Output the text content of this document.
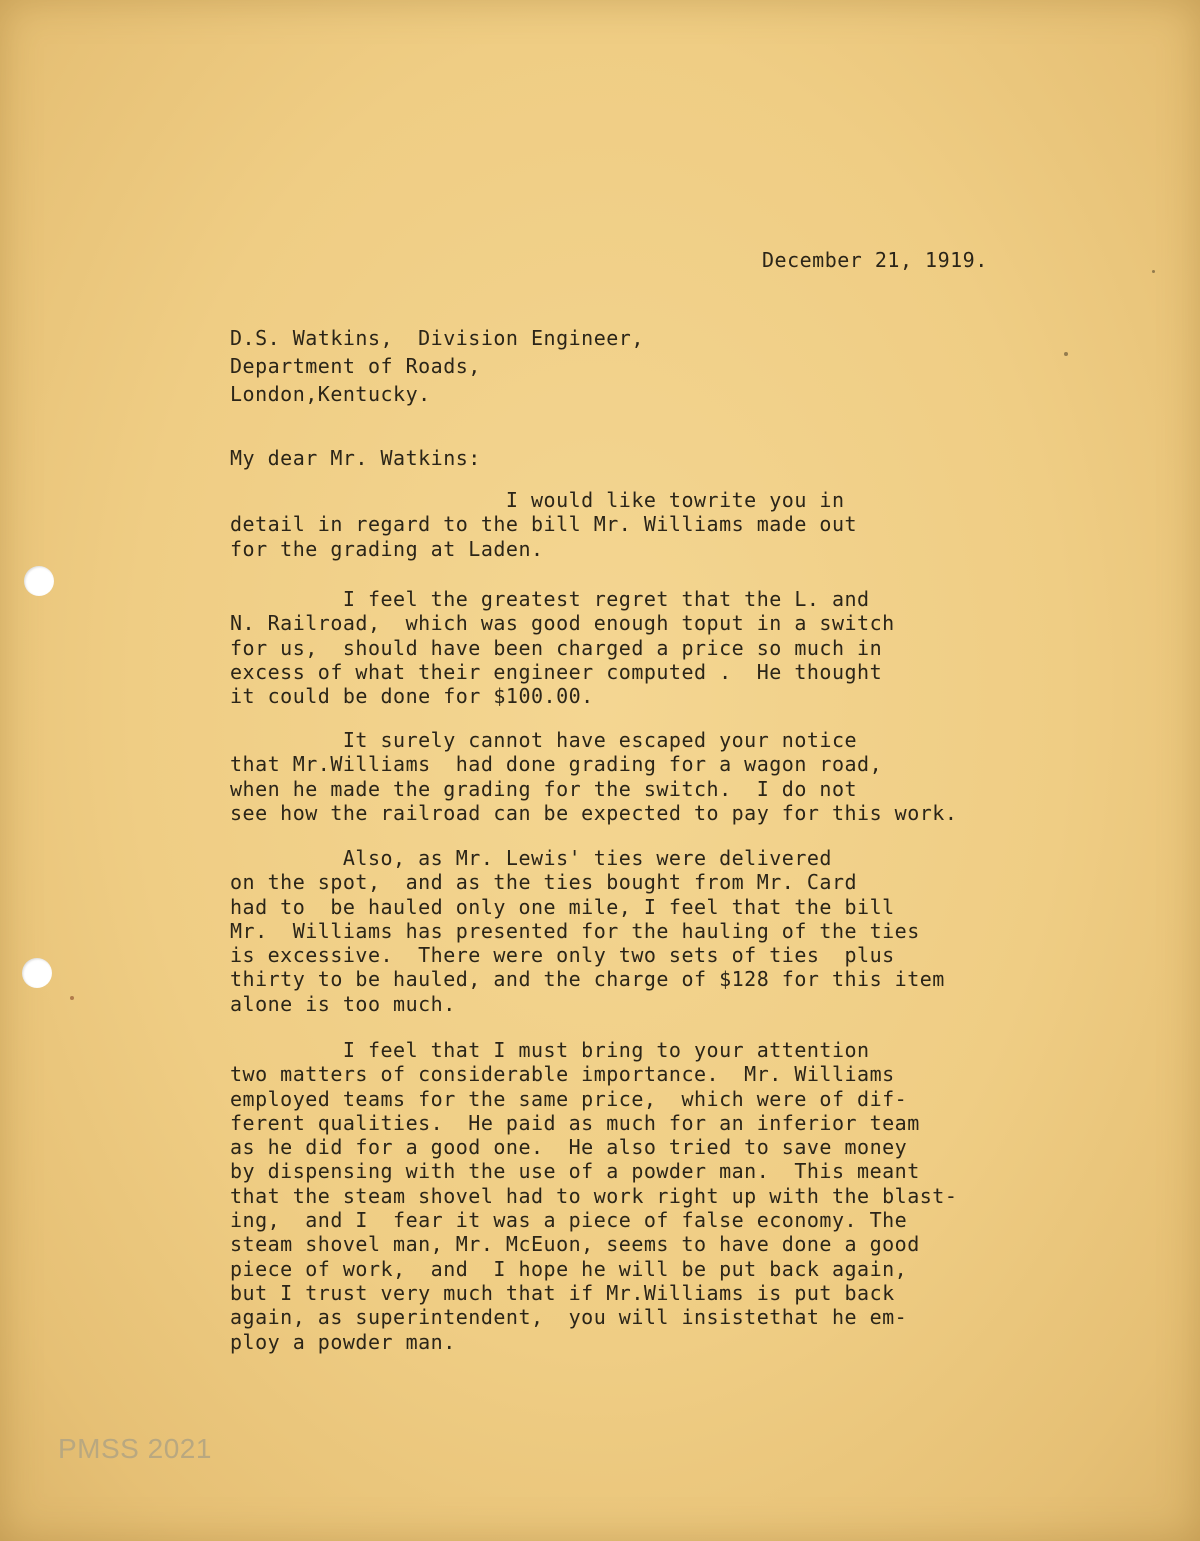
December 21, 1919.

D.S. Watkins,  Division Engineer,

Department of Roads,

London,Kentucky.

My dear Mr. Watkins:

I would like towrite you in
detail in regard to the bill Mr. Williams made out
for the grading at Laden.

I feel the greatest regret that the L. and
N. Railroad,  which was good enough toput in a switch
for us,  should have been charged a price so much in
excess of what their engineer computed .  He thought
it could be done for $100.00.

It surely cannot have escaped your notice
that Mr.Williams  had done grading for a wagon road,
when he made the grading for the switch.  I do not
see how the railroad can be expected to pay for this work.

Also, as Mr. Lewis' ties were delivered
on the spot,  and as the ties bought from Mr. Card
had to  be hauled only one mile, I feel that the bill
Mr.  Williams has presented for the hauling of the ties
is excessive.  There were only two sets of ties  plus
thirty to be hauled, and the charge of $128 for this item
alone is too much.

I feel that I must bring to your attention
two matters of considerable importance.  Mr. Williams
employed teams for the same price,  which were of dif-
ferent qualities.  He paid as much for an inferior team
as he did for a good one.  He also tried to save money
by dispensing with the use of a powder man.  This meant
that the steam shovel had to work right up with the blast-
ing,  and I  fear it was a piece of false economy. The
steam shovel man, Mr. McEuon, seems to have done a good
piece of work,  and  I hope he will be put back again,
but I trust very much that if Mr.Williams is put back
again, as superintendent,  you will insistethat he em-
ploy a powder man.

PMSS 2021
